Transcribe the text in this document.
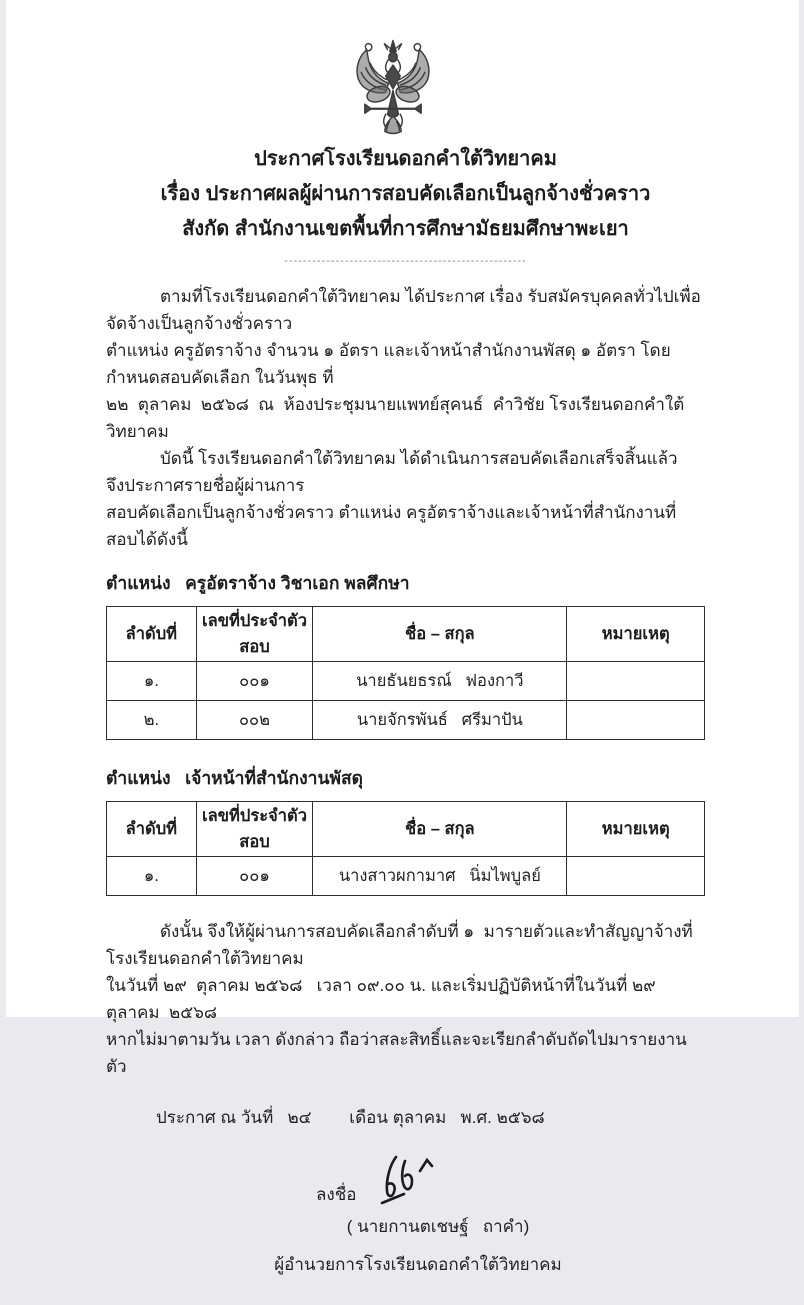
ประกาศโรงเรียนดอกคำใต้วิทยาคม
เรื่อง ประกาศผลผู้ผ่านการสอบคัดเลือกเป็นลูกจ้างชั่วคราว
สังกัด สำนักงานเขตพื้นที่การศึกษามัธยมศึกษาพะเยา
----------------------------------------------------
ตามที่โรงเรียนดอกคำใต้วิทยาคม ได้ประกาศ เรื่อง รับสมัครบุคคลทั่วไปเพื่อจัดจ้างเป็นลูกจ้างชั่วคราว
ตำแหน่ง ครูอัตราจ้าง จำนวน ๑ อัตรา และเจ้าหน้าสำนักงานพัสดุ ๑ อัตรา โดยกำหนดสอบคัดเลือก ในวันพุธ ที่
๒๒  ตุลาคม  ๒๕๖๘  ณ  ห้องประชุมนายแพทย์สุคนธ์  คำวิชัย โรงเรียนดอกคำใต้วิทยาคม
บัดนี้ โรงเรียนดอกคำใต้วิทยาคม ได้ดำเนินการสอบคัดเลือกเสร็จสิ้นแล้ว  จึงประกาศรายชื่อผู้ผ่านการ
สอบคัดเลือกเป็นลูกจ้างชั่วคราว ตำแหน่ง ครูอัตราจ้างและเจ้าหน้าที่สำนักงานที่สอบได้ดังนี้
ตำแหน่ง   ครูอัตราจ้าง วิชาเอก พลศึกษา
ลำดับที่	เลขที่ประจำตัวสอบ	ชื่อ – สกุล	หมายเหตุ
๑.	๐๐๑	นายธันยธรณ์   ฟองกาวี	
๒.	๐๐๒	นายจักรพันธ์   ศรีมาปัน	
ตำแหน่ง   เจ้าหน้าที่สำนักงานพัสดุ
ลำดับที่	เลขที่ประจำตัวสอบ	ชื่อ – สกุล	หมายเหตุ
๑.	๐๐๑	นางสาวผกามาศ   นิ่มไพบูลย์	
ดังนั้น จึงให้ผู้ผ่านการสอบคัดเลือกลำดับที่ ๑  มารายตัวและทำสัญญาจ้างที่โรงเรียนดอกคำใต้วิทยาคม
ในวันที่ ๒๙  ตุลาคม ๒๕๖๘   เวลา ๐๙.๐๐ น. และเริ่มปฏิบัติหน้าที่ในวันที่ ๒๙   ตุลาคม  ๒๕๖๘
หากไม่มาตามวัน เวลา ดังกล่าว ถือว่าสละสิทธิ์และจะเรียกลำดับถัดไปมารายงานตัว
ประกาศ ณ วันที่   ๒๔        เดือน ตุลาคม   พ.ศ. ๒๕๖๘
ลงชื่อ
( นายกานตเชษฐ์   ถาคำ)
ผู้อำนวยการโรงเรียนดอกคำใต้วิทยาคม
